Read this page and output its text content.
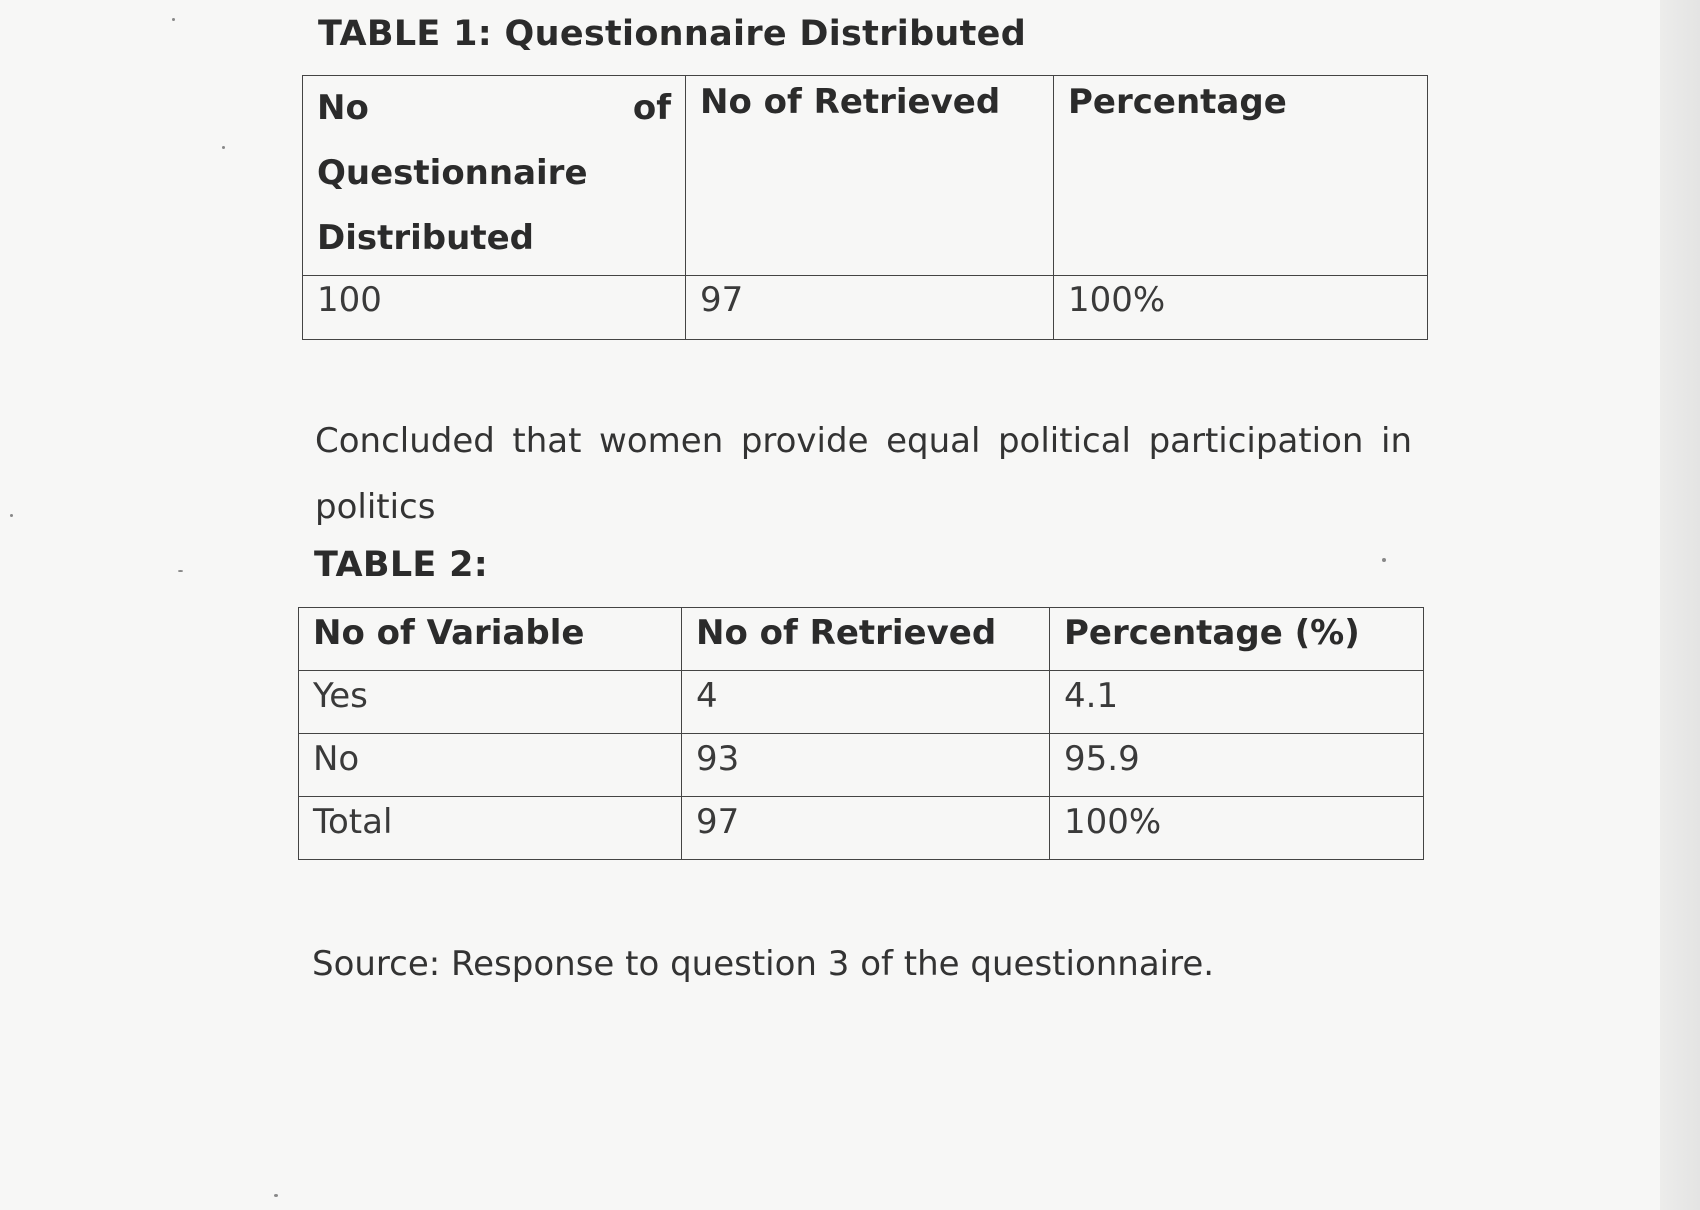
TABLE 1: Questionnaire Distributed
No of
Questionnaire
Distributed	No of Retrieved	Percentage

100	97	100%
Concluded that women provide equal political participation in politics
TABLE 2:
No of Variable	No of Retrieved	Percentage (%)
Yes	4	4.1
No	93	95.9
Total	97	100%
Source: Response to question 3 of the questionnaire.
